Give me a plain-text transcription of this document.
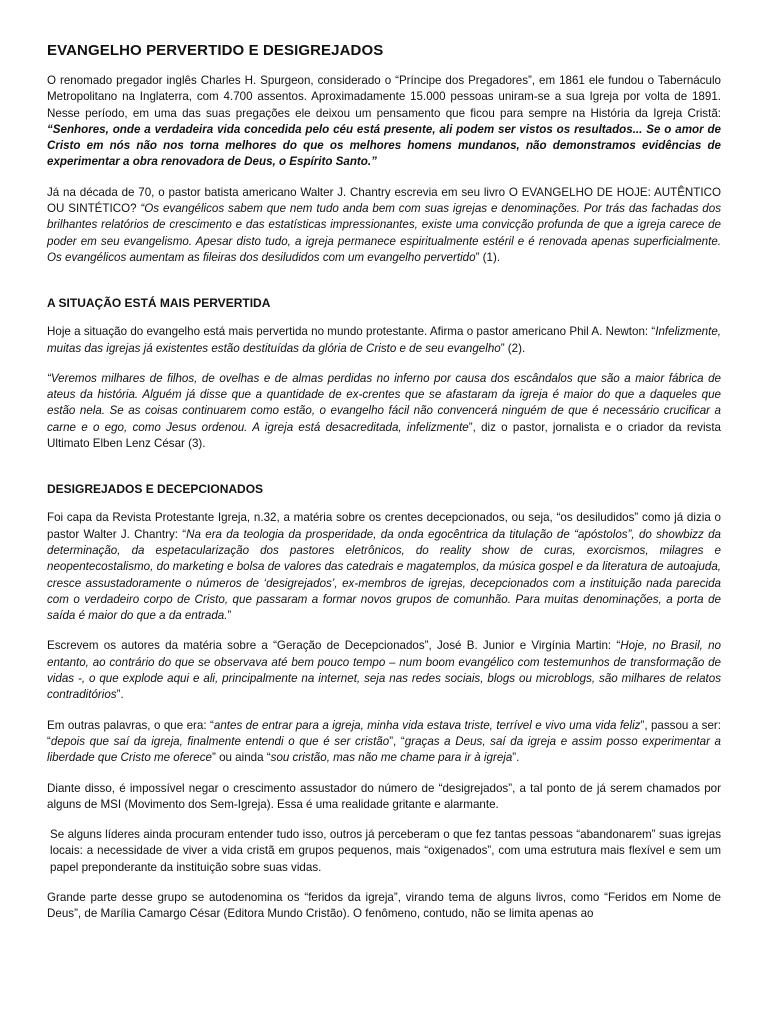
EVANGELHO PERVERTIDO E DESIGREJADOS

O renomado pregador inglês Charles H. Spurgeon, considerado o “Príncipe dos Pregadores”, em 1861 ele fundou o Tabernáculo Metropolitano na Inglaterra, com 4.700 assentos. Aproximadamente 15.000 pessoas uniram-se a sua Igreja por volta de 1891. Nesse período, em uma das suas pregações ele deixou um pensamento que ficou para sempre na História da Igreja Cristã: “Senhores, onde a verdadeira vida concedida pelo céu está presente, ali podem ser vistos os resultados... Se o amor de Cristo em nós não nos torna melhores do que os melhores homens mundanos, não demonstramos evidências de experimentar a obra renovadora de Deus, o Espírito Santo.”

Já na década de 70, o pastor batista americano Walter J. Chantry escrevia em seu livro O EVANGELHO DE HOJE: AUTÊNTICO OU SINTÉTICO? “Os evangélicos sabem que nem tudo anda bem com suas igrejas e denominações. Por trás das fachadas dos brilhantes relatórios de crescimento e das estatísticas impressionantes, existe uma convicção profunda de que a igreja carece de poder em seu evangelismo. Apesar disto tudo, a igreja permanece espiritualmente estéril e é renovada apenas superficialmente. Os evangélicos aumentam as fileiras dos desiludidos com um evangelho pervertido” (1).

A SITUAÇÃO ESTÁ MAIS PERVERTIDA

Hoje a situação do evangelho está mais pervertida no mundo protestante. Afirma o pastor americano Phil A. Newton: “Infelizmente, muitas das igrejas já existentes estão destituídas da glória de Cristo e de seu evangelho” (2).

“Veremos milhares de filhos, de ovelhas e de almas perdidas no inferno por causa dos escândalos que são a maior fábrica de ateus da história. Alguém já disse que a quantidade de ex-crentes que se afastaram da igreja é maior do que a daqueles que estão nela. Se as coisas continuarem como estão, o evangelho fácil não convencerá ninguém de que é necessário crucificar a carne e o ego, como Jesus ordenou. A igreja está desacreditada, infelizmente”, diz o pastor, jornalista e o criador da revista Ultimato Elben Lenz César (3).

DESIGREJADOS E DECEPCIONADOS

Foi capa da Revista Protestante Igreja, n.32, a matéria sobre os crentes decepcionados, ou seja, “os desiludidos” como já dizia o pastor Walter J. Chantry: “Na era da teologia da prosperidade, da onda egocêntrica da titulação de “apóstolos”, do showbizz da determinação, da espetacularização dos pastores eletrônicos, do reality show de curas, exorcismos, milagres e neopentecostalismo, do marketing e bolsa de valores das catedrais e magatemplos, da música gospel e da literatura de autoajuda, cresce assustadoramente o números de ‘desigrejados’, ex-membros de igrejas, decepcionados com a instituição nada parecida com o verdadeiro corpo de Cristo, que passaram a formar novos grupos de comunhão. Para muitas denominações, a porta de saída é maior do que a da entrada.”

Escrevem os autores da matéria sobre a “Geração de Decepcionados”, José B. Junior e Virgínia Martin: “Hoje, no Brasil, no entanto, ao contrário do que se observava até bem pouco tempo – num boom evangélico com testemunhos de transformação de vidas -, o que explode aqui e ali, principalmente na internet, seja nas redes sociais, blogs ou microblogs, são milhares de relatos contraditórios”.

Em outras palavras, o que era: “antes de entrar para a igreja, minha vida estava triste, terrível e vivo uma vida feliz”, passou a ser: “depois que saí da igreja, finalmente entendi o que é ser cristão”, “graças a Deus, saí da igreja e assim posso experimentar a liberdade que Cristo me oferece” ou ainda “sou cristão, mas não me chame para ir à igreja”.

Diante disso, é impossível negar o crescimento assustador do número de “desigrejados”, a tal ponto de já serem chamados por alguns de MSI (Movimento dos Sem-Igreja). Essa é uma realidade gritante e alarmante.

Se alguns líderes ainda procuram entender tudo isso, outros já perceberam o que fez tantas pessoas “abandonarem” suas igrejas locais: a necessidade de viver a vida cristã em grupos pequenos, mais “oxigenados”, com uma estrutura mais flexível e sem um papel preponderante da instituição sobre suas vidas.

Grande parte desse grupo se autodenomina os “feridos da igreja”, virando tema de alguns livros, como “Feridos em Nome de Deus”, de Marília Camargo César (Editora Mundo Cristão). O fenômeno, contudo, não se limita apenas ao
